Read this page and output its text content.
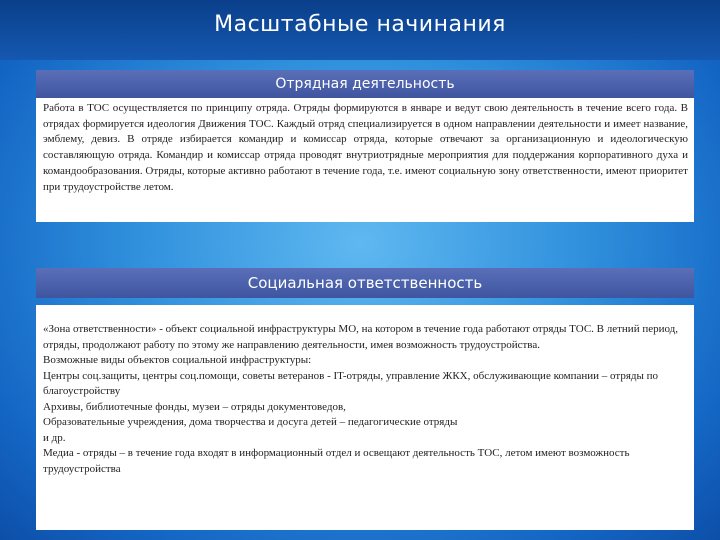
Масштабные начинания
Отрядная деятельность
Работа в ТОС осуществляется по принципу отряда. Отряды формируются в январе и ведут свою деятельность в течение всего года. В отрядах формируется идеология Движения ТОС. Каждый отряд специализируется в одном направлении деятельности и имеет название, эмблему, девиз. В отряде избирается командир и комиссар отряда, которые отвечают за организационную и идеологическую составляющую отряда. Командир и комиссар отряда проводят внутриотрядные мероприятия для поддержания корпоративного духа и командообразования. Отряды, которые активно работают в течение года, т.е. имеют социальную зону ответственности, имеют приоритет при трудоустройстве летом.
Социальная ответственность

«Зона ответственности» - объект социальной инфраструктуры МО, на котором в течение года работают отряды ТОС. В летний период, отряды, продолжают работу по этому же направлению деятельности, имея возможность трудоустройства.

Возможные виды объектов социальной инфраструктуры:

Центры соц.защиты, центры соц.помощи, советы ветеранов - IT-отряды, управление ЖКХ, обслуживающие компании – отряды по благоустройству

Архивы, библиотечные фонды, музеи – отряды документоведов,

Образовательные учреждения, дома творчества и досуга детей – педагогические отряды

и др.

Медиа - отряды – в течение года входят в информационный отдел и освещают деятельность ТОС, летом имеют возможность трудоустройства
